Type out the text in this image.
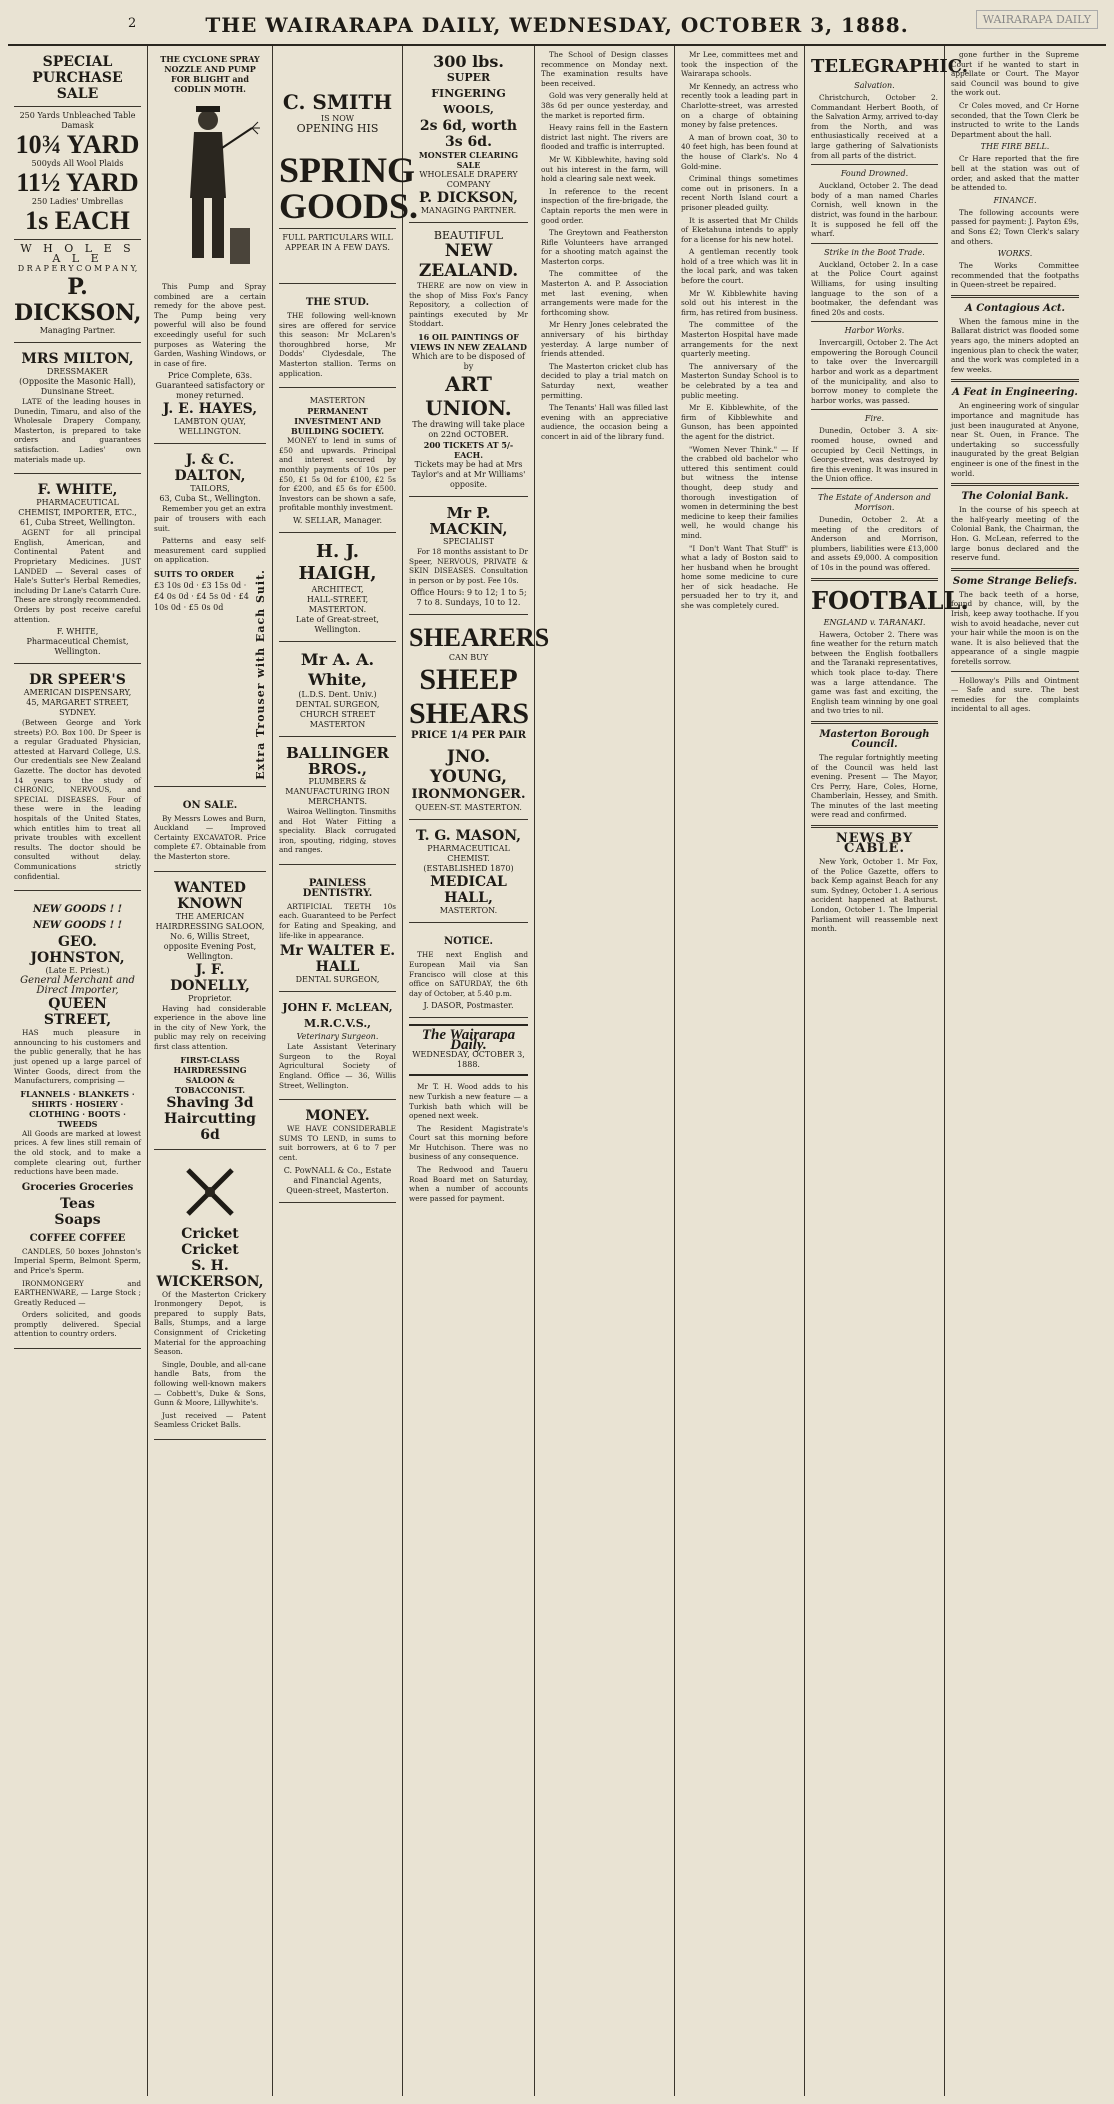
2	THE WAIRARAPA DAILY, WEDNESDAY, OCTOBER 3, 1888.	WAIRARAPA DAILY
SPECIAL PURCHASE SALE
250 Yards Unbleached Table Damask
10¾ YARD
500yds All Wool Plaids
11½ YARD
250 Ladies' Umbrellas
1s EACH
W H O L E S A L E
D R A P E R Y C O M P A N Y,
P. DICKSON,
Managing Partner.
MRS MILTON,
DRESSMAKER
(Opposite the Masonic Hall), Dunsinane Street.

LATE of the leading houses in Dunedin, Timaru, and also of the Wholesale Drapery Company, Masterton, is prepared to take orders and guarantees satisfaction. Ladies' own materials made up.

F. WHITE,
PHARMACEUTICAL CHEMIST, IMPORTER, ETC.,
61, Cuba Street, Wellington.

AGENT for all principal English, American, and Continental Patent and Proprietary Medicines. JUST LANDED — Several cases of Hale's Sutter's Herbal Remedies, including Dr Lane's Catarrh Cure. These are strongly recommended. Orders by post receive careful attention.

F. WHITE,
Pharmaceutical Chemist, Wellington.
DR SPEER'S
AMERICAN DISPENSARY,
45, MARGARET STREET, SYDNEY.

(Between George and York streets) P.O. Box 100. Dr Speer is a regular Graduated Physician, attested at Harvard College, U.S. Our credentials see New Zealand Gazette. The doctor has devoted 14 years to the study of CHRONIC, NERVOUS, and SPECIAL DISEASES. Four of these were in the leading hospitals of the United States, which entitles him to treat all private troubles with excellent results. The doctor should be consulted without delay. Communications strictly confidential.

NEW GOODS ! !
NEW GOODS ! !
GEO. JOHNSTON,
(Late E. Priest.)
General Merchant and Direct Importer,
QUEEN STREET,

HAS much pleasure in announcing to his customers and the public generally, that he has just opened up a large parcel of Winter Goods, direct from the Manufacturers, comprising —

FLANNELS · BLANKETS · SHIRTS · HOSIERY · CLOTHING · BOOTS · TWEEDS

All Goods are marked at lowest prices. A few lines still remain of the old stock, and to make a complete clearing out, further reductions have been made.

Groceries Groceries
Teas
Soaps
COFFEE COFFEE

CANDLES, 50 boxes Johnston's Imperial Sperm, Belmont Sperm, and Price's Sperm.

IRONMONGERY and EARTHENWARE, — Large Stock ; Greatly Reduced —

Orders solicited, and goods promptly delivered. Special attention to country orders.

THE CYCLONE SPRAY NOZZLE AND PUMP FOR BLIGHT and CODLIN MOTH.

This Pump and Spray combined are a certain remedy for the above pest. The Pump being very powerful will also be found exceedingly useful for such purposes as Watering the Garden, Washing Windows, or in case of fire.

Price Complete, 63s.
Guaranteed satisfactory or money returned.
J. E. HAYES,
LAMBTON QUAY, WELLINGTON.
J. & C. DALTON,
TAILORS,
63, Cuba St., Wellington.

Remember you get an extra pair of trousers with each suit.

Patterns and easy self-measurement card supplied on application.

SUITS TO ORDER
£3 10s 0d · £3 15s 0d · £4 0s 0d · £4 5s 0d · £4 10s 0d · £5 0s 0d	Extra Trouser with Each Suit.
ON SALE.

By Messrs Lowes and Burn, Auckland — Improved Certainty EXCAVATOR. Price complete £7. Obtainable from the Masterton store.

WANTED KNOWN
THE AMERICAN HAIRDRESSING SALOON,
No. 6, Willis Street, opposite Evening Post, Wellington.
J. F. DONELLY,
Proprietor.

Having had considerable experience in the above line in the city of New York, the public may rely on receiving first class attention.

FIRST-CLASS HAIRDRESSING SALOON & TOBACCONIST.
Shaving 3d
Haircutting 6d
Cricket Cricket
S. H. WICKERSON,

Of the Masterton Crickery Ironmongery Depot, is prepared to supply Bats, Balls, Stumps, and a large Consignment of Cricketing Material for the approaching Season.

Single, Double, and all-cane handle Bats, from the following well-known makers — Cobbett's, Duke & Sons, Gunn & Moore, Lillywhite's.

Just received — Patent Seamless Cricket Balls.

C. SMITH
IS NOW
OPENING HIS
SPRING
GOODS.
FULL PARTICULARS WILL
APPEAR IN A FEW DAYS.
THE STUD.

THE following well-known sires are offered for service this season: Mr McLaren's thoroughbred horse, Mr Dodds' Clydesdale, The Masterton stallion. Terms on application.

MASTERTON
PERMANENT INVESTMENT AND BUILDING SOCIETY.

MONEY to lend in sums of £50 and upwards. Principal and interest secured by monthly payments of 10s per £50, £1 5s 0d for £100, £2 5s for £200, and £5 6s for £500. Investors can be shown a safe, profitable monthly investment.

W. SELLAR, Manager.
H. J. HAIGH,
ARCHITECT,
HALL-STREET, MASTERTON.
Late of Great-street, Wellington.
Mr A. A. White,
(L.D.S. Dent. Univ.)
DENTAL SURGEON,
CHURCH STREET MASTERTON
BALLINGER BROS.,
PLUMBERS & MANUFACTURING IRON MERCHANTS.

Wairoa Wellington. Tinsmiths and Hot Water Fitting a speciality. Black corrugated iron, spouting, ridging, stoves and ranges.

PAINLESS DENTISTRY.

ARTIFICIAL TEETH 10s each. Guaranteed to be Perfect for Eating and Speaking, and life-like in appearance.

Mr WALTER E. HALL
DENTAL SURGEON,
JOHN F. McLEAN, M.R.C.V.S.,
Veterinary Surgeon.

Late Assistant Veterinary Surgeon to the Royal Agricultural Society of England. Office — 36, Willis Street, Wellington.

MONEY.

WE HAVE CONSIDERABLE SUMS TO LEND, in sums to suit borrowers, at 6 to 7 per cent.

C. PowNALL & Co., Estate and Financial Agents, Queen-street, Masterton.
300 lbs.
SUPER FINGERING WOOLS,
2s 6d, worth 3s 6d.
MONSTER CLEARING SALE
WHOLESALE DRAPERY COMPANY
P. DICKSON,
MANAGING PARTNER.
BEAUTIFUL
NEW ZEALAND.

THERE are now on view in the shop of Miss Fox's Fancy Repository, a collection of paintings executed by Mr Stoddart.

16 OIL PAINTINGS OF VIEWS IN NEW ZEALAND
Which are to be disposed of by
ART UNION.
The drawing will take place on 22nd OCTOBER.
200 TICKETS AT 5/- EACH.
Tickets may be had at Mrs Taylor's and at Mr Williams' opposite.
Mr P. MACKIN,
SPECIALIST

For 18 months assistant to Dr Speer, NERVOUS, PRIVATE & SKIN DISEASES. Consultation in person or by post. Fee 10s.

Office Hours: 9 to 12; 1 to 5; 7 to 8. Sundays, 10 to 12.
SHEARERS
CAN BUY
SHEEP
SHEARS
PRICE 1/4 PER PAIR
JNO. YOUNG,
IRONMONGER.
QUEEN-ST. MASTERTON.
T. G. MASON,
PHARMACEUTICAL CHEMIST.
(ESTABLISHED 1870)
MEDICAL HALL,
MASTERTON.
NOTICE.

THE next English and European Mail via San Francisco will close at this office on SATURDAY, the 6th day of October, at 5.40 p.m.

J. DASOR, Postmaster.
The Wairarapa Daily.
WEDNESDAY, OCTOBER 3, 1888.

Mr T. H. Wood adds to his new Turkish a new feature — a Turkish bath which will be opened next week.

The Resident Magistrate's Court sat this morning before Mr Hutchison. There was no business of any consequence.

The Redwood and Taueru Road Board met on Saturday, when a number of accounts were passed for payment.

The School of Design classes recommence on Monday next. The examination results have been received.

Gold was very generally held at 38s 6d per ounce yesterday, and the market is reported firm.

Heavy rains fell in the Eastern district last night. The rivers are flooded and traffic is interrupted.

Mr W. Kibblewhite, having sold out his interest in the farm, will hold a clearing sale next week.

In reference to the recent inspection of the fire-brigade, the Captain reports the men were in good order.

The Greytown and Featherston Rifle Volunteers have arranged for a shooting match against the Masterton corps.

The committee of the Masterton A. and P. Association met last evening, when arrangements were made for the forthcoming show.

Mr Henry Jones celebrated the anniversary of his birthday yesterday. A large number of friends attended.

The Masterton cricket club has decided to play a trial match on Saturday next, weather permitting.

The Tenants' Hall was filled last evening with an appreciative audience, the occasion being a concert in aid of the library fund.

Mr Lee, committees met and took the inspection of the Wairarapa schools.

Mr Kennedy, an actress who recently took a leading part in Charlotte-street, was arrested on a charge of obtaining money by false pretences.

A man of brown coat, 30 to 40 feet high, has been found at the house of Clark's. No 4 Gold-mine.

Criminal things sometimes come out in prisoners. In a recent North Island court a prisoner pleaded guilty.

It is asserted that Mr Childs of Eketahuna intends to apply for a license for his new hotel.

A gentleman recently took hold of a tree which was lit in the local park, and was taken before the court.

Mr W. Kibblewhite having sold out his interest in the firm, has retired from business.

The committee of the Masterton Hospital have made arrangements for the next quarterly meeting.

The anniversary of the Masterton Sunday School is to be celebrated by a tea and public meeting.

Mr E. Kibblewhite, of the firm of Kibblewhite and Gunson, has been appointed the agent for the district.

"Women Never Think." — If the crabbed old bachelor who uttered this sentiment could but witness the intense thought, deep study and thorough investigation of women in determining the best medicine to keep their families well, he would change his mind.

"I Don't Want That Stuff" is what a lady of Boston said to her husband when he brought home some medicine to cure her of sick headache. He persuaded her to try it, and she was completely cured.

TELEGRAPHIC.
Salvation.

Christchurch, October 2. Commandant Herbert Booth, of the Salvation Army, arrived to-day from the North, and was enthusiastically received at a large gathering of Salvationists from all parts of the district.

Found Drowned.

Auckland, October 2. The dead body of a man named Charles Cornish, well known in the district, was found in the harbour. It is supposed he fell off the wharf.

Strike in the Boot Trade.

Auckland, October 2. In a case at the Police Court against Williams, for using insulting language to the son of a bootmaker, the defendant was fined 20s and costs.

Harbor Works.

Invercargill, October 2. The Act empowering the Borough Council to take over the Invercargill harbor and work as a department of the municipality, and also to borrow money to complete the harbor works, was passed.

Fire.

Dunedin, October 3. A six-roomed house, owned and occupied by Cecil Nettings, in George-street, was destroyed by fire this evening. It was insured in the Union office.

The Estate of Anderson and Morrison.

Dunedin, October 2. At a meeting of the creditors of Anderson and Morrison, plumbers, liabilities were £13,000 and assets £9,000. A composition of 10s in the pound was offered.

FOOTBALL.
ENGLAND v. TARANAKI.

Hawera, October 2. There was fine weather for the return match between the English footballers and the Taranaki representatives, which took place to-day. There was a large attendance. The game was fast and exciting, the English team winning by one goal and two tries to nil.

Masterton Borough Council.

The regular fortnightly meeting of the Council was held last evening. Present — The Mayor, Crs Perry, Hare, Coles, Horne, Chamberlain, Hessey, and Smith. The minutes of the last meeting were read and confirmed.

NEWS BY CABLE.

New York, October 1. Mr Fox, of the Police Gazette, offers to back Kemp against Beach for any sum. Sydney, October 1. A serious accident happened at Bathurst. London, October 1. The Imperial Parliament will reassemble next month.

gone further in the Supreme Court if he wanted to start in appellate or Court. The Mayor said Council was bound to give the work out.

Cr Coles moved, and Cr Horne seconded, that the Town Clerk be instructed to write to the Lands Department about the hall.

THE FIRE BELL.

Cr Hare reported that the fire bell at the station was out of order, and asked that the matter be attended to.

FINANCE.

The following accounts were passed for payment: J. Payton £9s, and Sons £2; Town Clerk's salary and others.

WORKS.

The Works Committee recommended that the footpaths in Queen-street be repaired.

A Contagious Act.

When the famous mine in the Ballarat district was flooded some years ago, the miners adopted an ingenious plan to check the water, and the work was completed in a few weeks.

A Feat in Engineering.

An engineering work of singular importance and magnitude has just been inaugurated at Anyone, near St. Ouen, in France. The undertaking so successfully inaugurated by the great Belgian engineer is one of the finest in the world.

The Colonial Bank.

In the course of his speech at the half-yearly meeting of the Colonial Bank, the Chairman, the Hon. G. McLean, referred to the large bonus declared and the reserve fund.

Some Strange Beliefs.

The back teeth of a horse, found by chance, will, by the Irish, keep away toothache. If you wish to avoid headache, never cut your hair while the moon is on the wane. It is also believed that the appearance of a single magpie foretells sorrow.

Holloway's Pills and Ointment — Safe and sure. The best remedies for the complaints incidental to all ages.
